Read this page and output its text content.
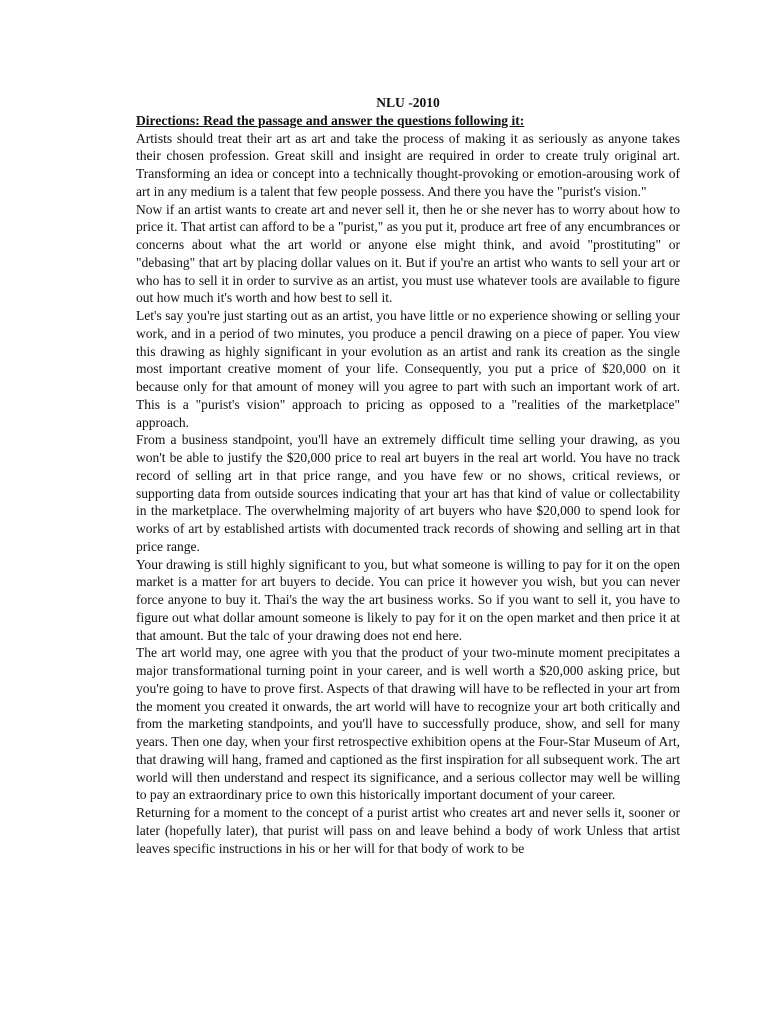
NLU -2010

Directions: Read the passage and answer the questions following it:

Artists should treat their art as art and take the process of making it as seriously as anyone takes their chosen profession. Great skill and insight are required in order to create truly original art. Transforming an idea or concept into a technically thought-provoking or emotion-arousing work of art in any medium is a talent that few people possess. And there you have the "purist's vision."

Now if an artist wants to create art and never sell it, then he or she never has to worry about how to price it. That artist can afford to be a "purist," as you put it, produce art free of any encumbrances or concerns about what the art world or anyone else might think, and avoid "prostituting" or "debasing" that art by placing dollar values on it. But if you're an artist who wants to sell your art or who has to sell it in order to survive as an artist, you must use whatever tools are available to figure out how much it's worth and how best to sell it.

Let's say you're just starting out as an artist, you have little or no experience showing or selling your work, and in a period of two minutes, you produce a pencil drawing on a piece of paper. You view this drawing as highly significant in your evolution as an artist and rank its creation as the single most important creative moment of your life. Consequently, you put a price of $20,000 on it because only for that amount of money will you agree to part with such an important work of art. This is a "purist's vision" approach to pricing as opposed to a "realities of the marketplace" approach.

From a business standpoint, you'll have an extremely difficult time selling your drawing, as you won't be able to justify the $20,000 price to real art buyers in the real art world. You have no track record of selling art in that price range, and you have few or no shows, critical reviews, or supporting data from outside sources indicating that your art has that kind of value or collectability in the marketplace. The overwhelming majority of art buyers who have $20,000 to spend look for works of art by established artists with documented track records of showing and selling art in that price range.

Your drawing is still highly significant to you, but what someone is willing to pay for it on the open market is a matter for art buyers to decide. You can price it however you wish, but you can never force anyone to buy it. Thai's the way the art business works. So if you want to sell it, you have to figure out what dollar amount someone is likely to pay for it on the open market and then price it at that amount. But the talc of your drawing does not end here.

The art world may, one agree with you that the product of your two-minute moment precipitates a major transformational turning point in your career, and is well worth a $20,000 asking price, but you're going to have to prove first. Aspects of that drawing will have to be reflected in your art from the moment you created it onwards, the art world will have to recognize your art both critically and from the marketing standpoints, and you'll have to successfully produce, show, and sell for many years. Then one day, when your first retrospective exhibition opens at the Four-Star Museum of Art, that drawing will hang, framed and captioned as the first inspiration for all subsequent work. The art world will then understand and respect its significance, and a serious collector may well be willing to pay an extraordinary price to own this historically important document of your career.

Returning for a moment to the concept of a purist artist who creates art and never sells it, sooner or later (hopefully later), that purist will pass on and leave behind a body of work Unless that artist leaves specific instructions in his or her will for that body of work to be
